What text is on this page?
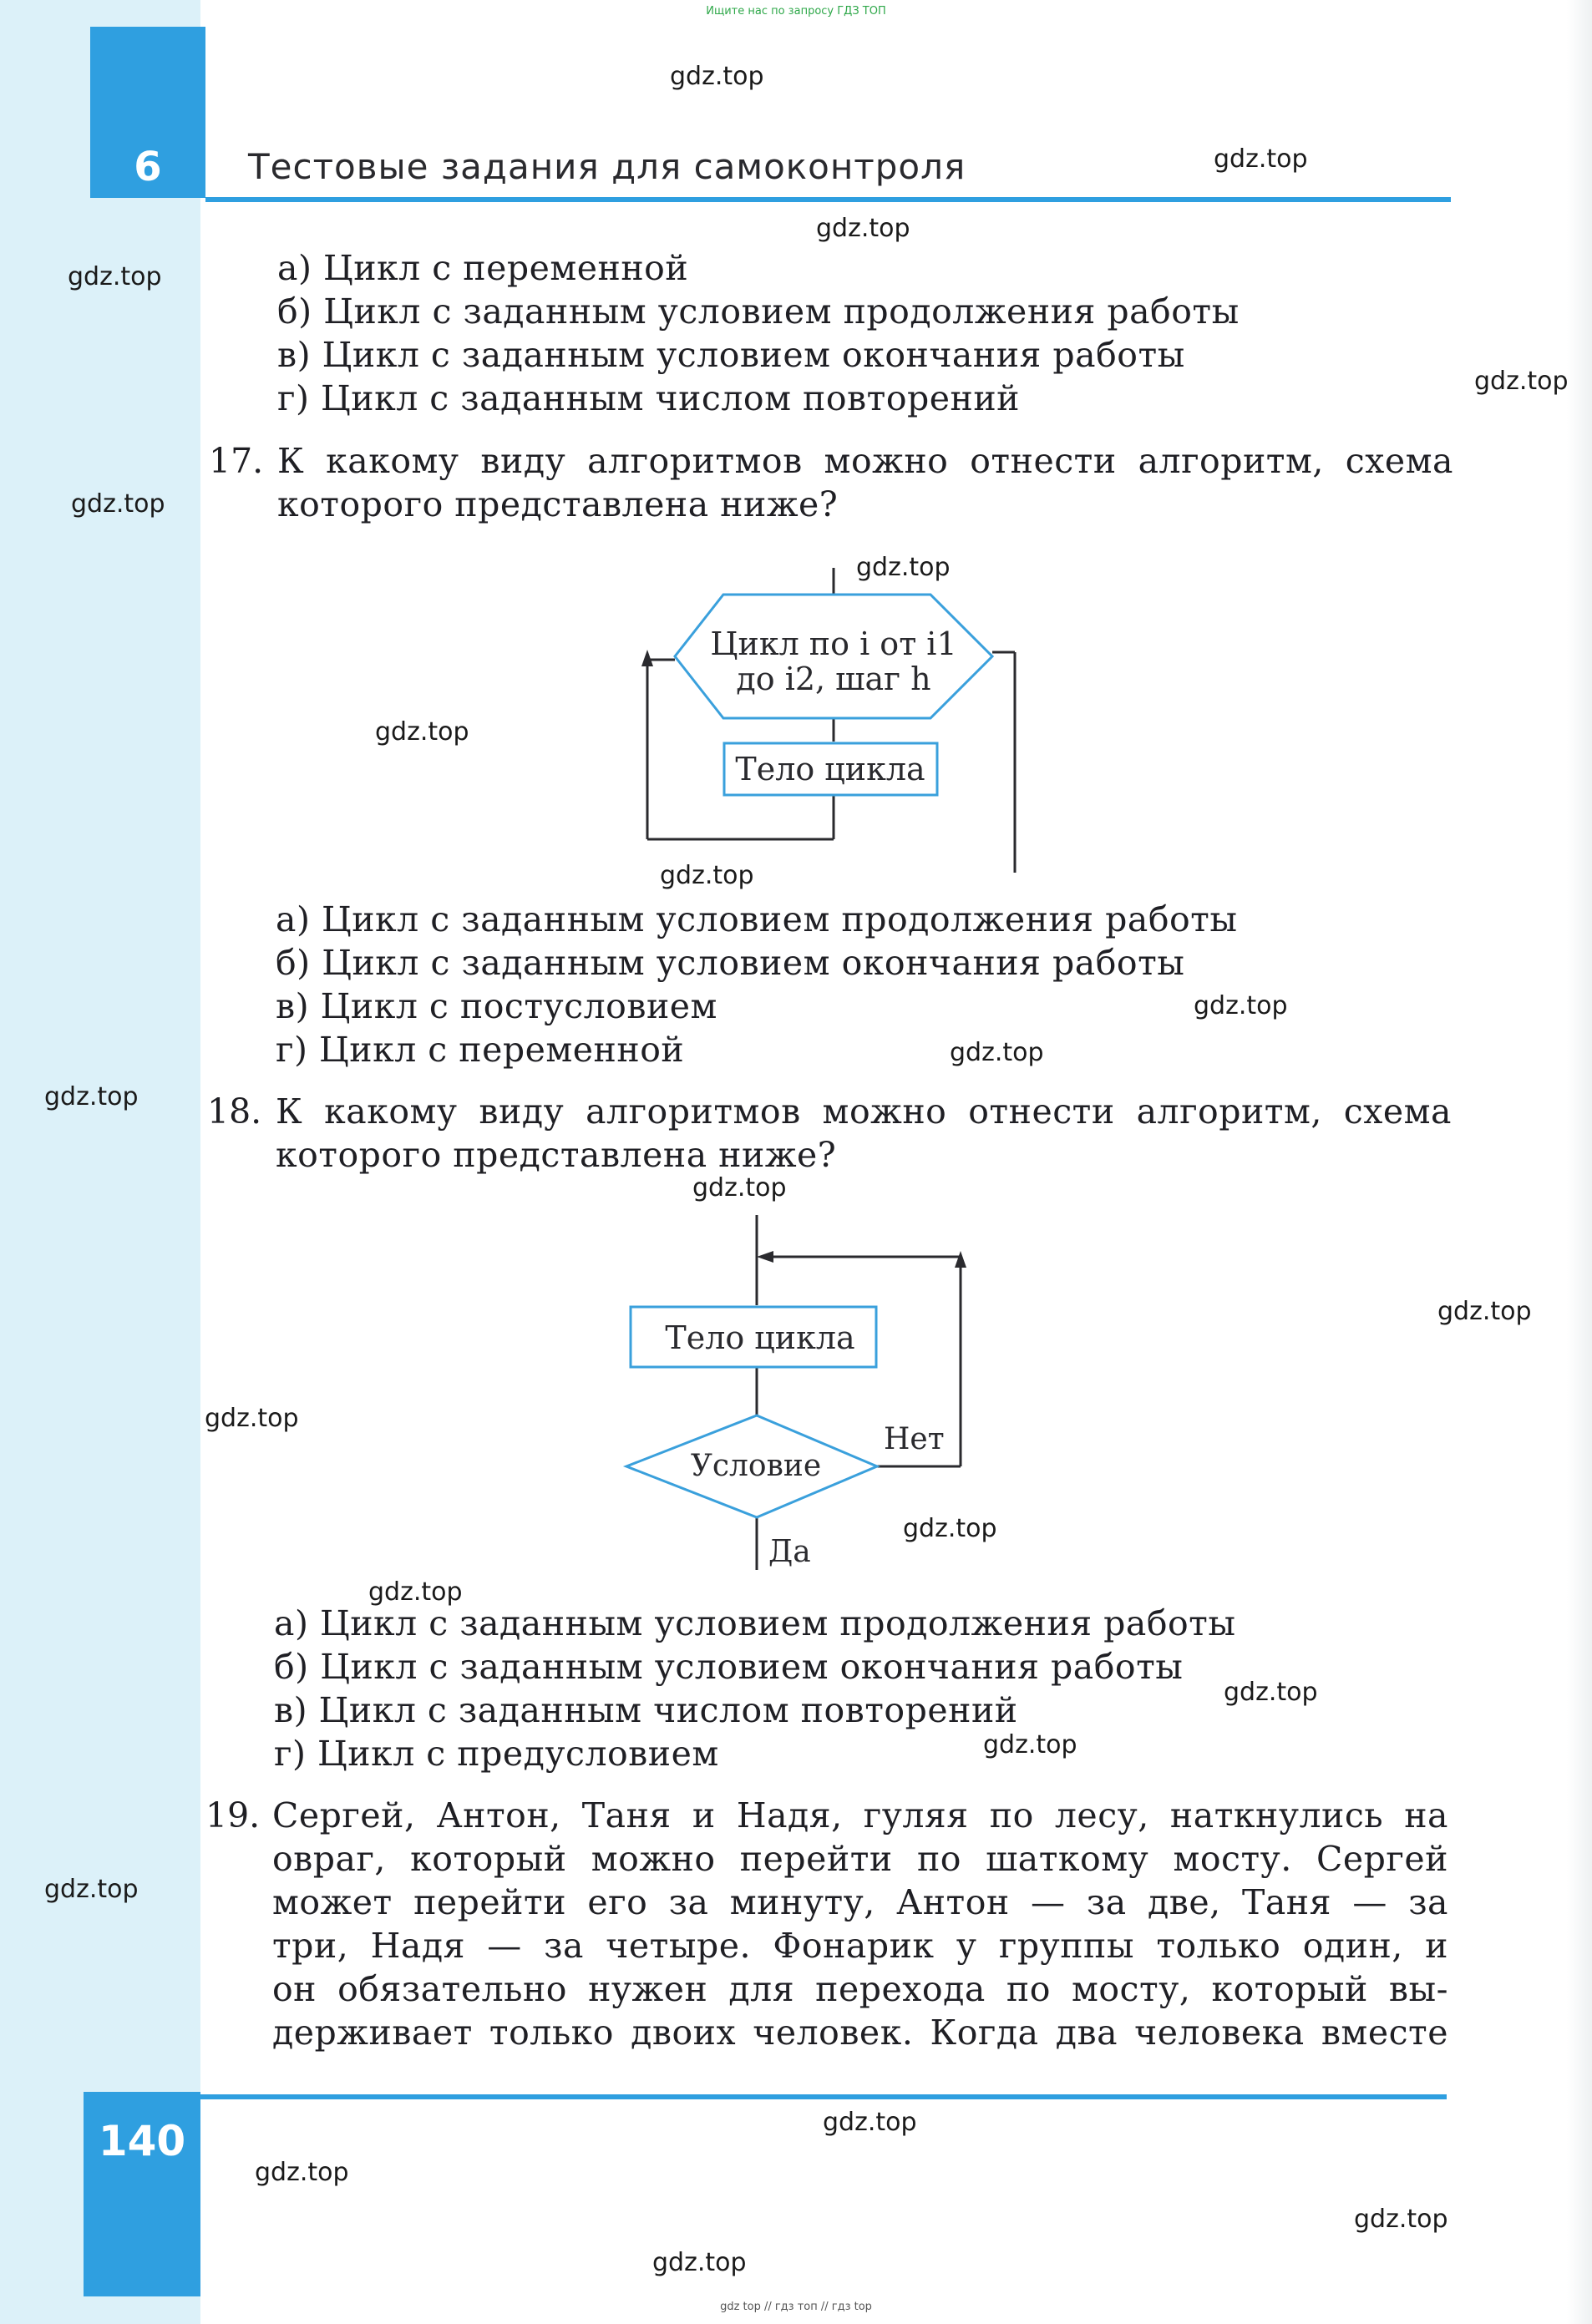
Ищите нас по запросу ГДЗ ТОП
6	Тестовые задания для самоконтроля
а) Цикл с переменной
б) Цикл с заданным условием продолжения работы
в) Цикл с заданным условием окончания работы
г) Цикл с заданным числом повторений
17. К какому виду алгоритмов можно отнести алгоритм, схема
которого представлена ниже?
Цикл по i от i1
до i2, шаг h
Тело цикла
а) Цикл с заданным условием продолжения работы
б) Цикл с заданным условием окончания работы
в) Цикл с постусловием
г) Цикл с переменной
18. К какому виду алгоритмов можно отнести алгоритм, схема
которого представлена ниже?
Тело цикла
Условие
Нет
Да
а) Цикл с заданным условием продолжения работы
б) Цикл с заданным условием окончания работы
в) Цикл с заданным числом повторений
г) Цикл с предусловием
19. Сергей, Антон, Таня и Надя, гуляя по лесу, наткнулись на
овраг, который можно перейти по шаткому мосту. Сергей
может перейти его за минуту, Антон — за две, Таня — за
три, Надя — за четыре. Фонарик у группы только один, и
он обязательно нужен для перехода по мосту, который вы-
держивает только двоих человек. Когда два человека вместе
140
gdz top // гдз топ // гдз top
gdz.top
gdz.top
gdz.top
gdz.top
gdz.top
gdz.top
gdz.top
gdz.top
gdz.top
gdz.top
gdz.top
gdz.top
gdz.top
gdz.top
gdz.top
gdz.top
gdz.top
gdz.top
gdz.top
gdz.top
gdz.top
gdz.top
gdz.top
gdz.top
